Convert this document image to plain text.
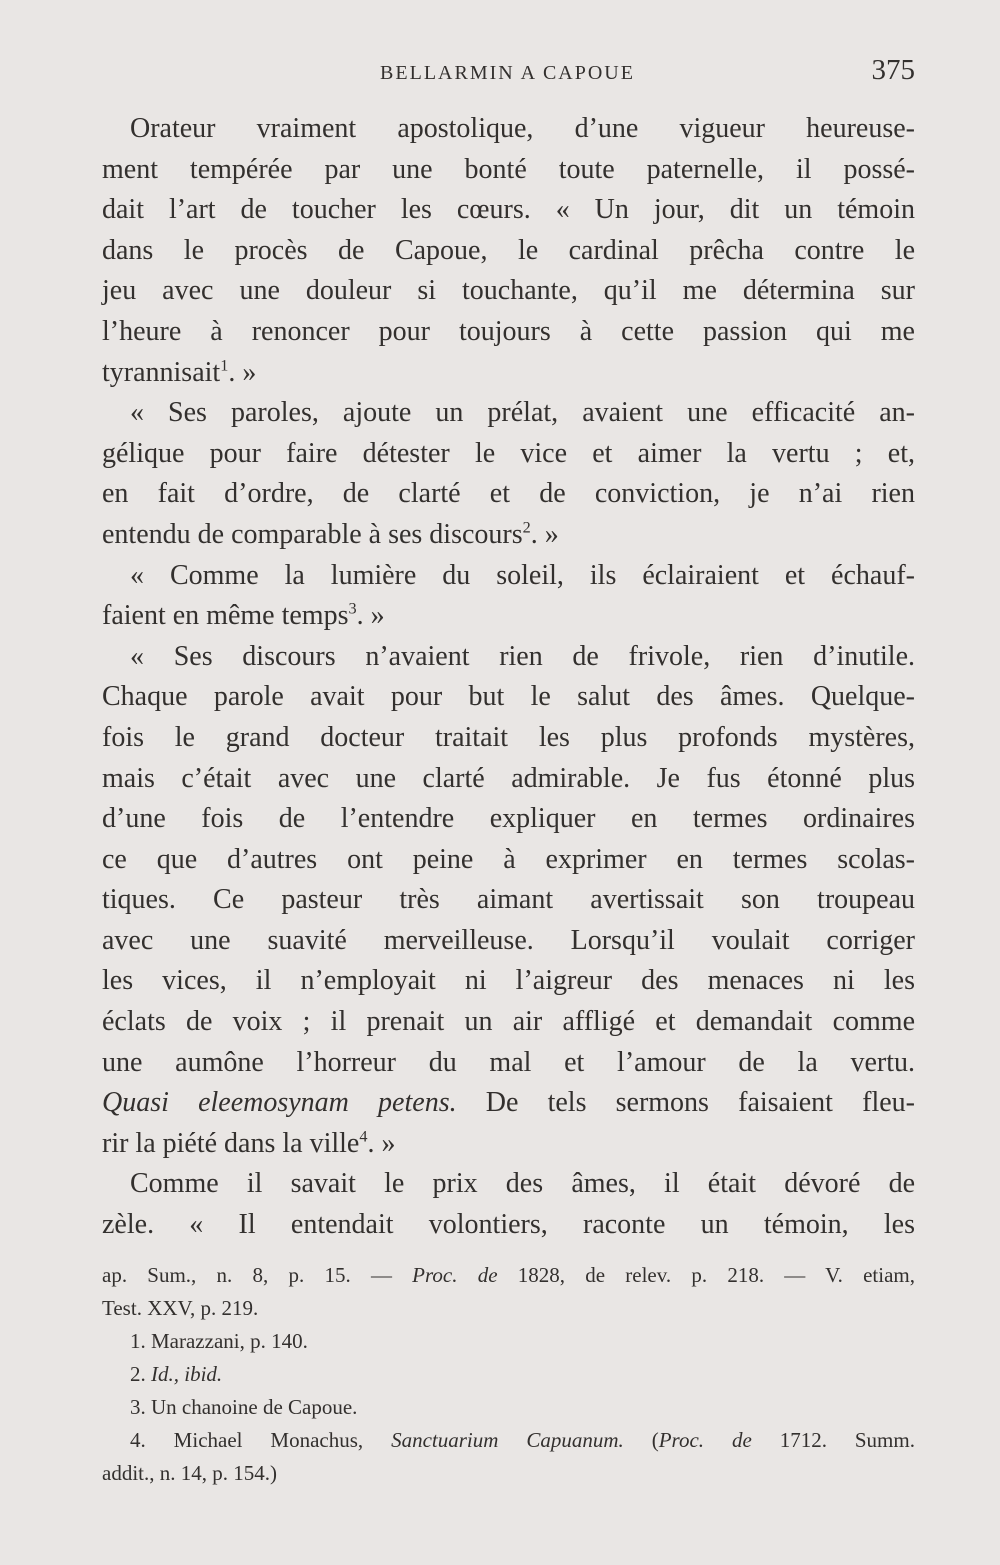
BELLARMIN A CAPOUE	375
Orateur vraiment apostolique, d’une vigueur heureuse-
ment tempérée par une bonté toute paternelle, il possé-
dait l’art de toucher les cœurs. « Un jour, dit un témoin
dans le procès de Capoue, le cardinal prêcha contre le
jeu avec une douleur si touchante, qu’il me détermina sur
l’heure à renoncer pour toujours à cette passion qui me
tyrannisait$^1$. »
« Ses paroles, ajoute un prélat, avaient une efficacité an-
gélique pour faire détester le vice et aimer la vertu ; et,
en fait d’ordre, de clarté et de conviction, je n’ai rien
entendu de comparable à ses discours$^2$. »
« Comme la lumière du soleil, ils éclairaient et échauf-
faient en même temps$^3$. »
« Ses discours n’avaient rien de frivole, rien d’inutile.
Chaque parole avait pour but le salut des âmes. Quelque-
fois le grand docteur traitait les plus profonds mystères,
mais c’était avec une clarté admirable. Je fus étonné plus
d’une fois de l’entendre expliquer en termes ordinaires
ce que d’autres ont peine à exprimer en termes scolas-
tiques. Ce pasteur très aimant avertissait son troupeau
avec une suavité merveilleuse. Lorsqu’il voulait corriger
les vices, il n’employait ni l’aigreur des menaces ni les
éclats de voix ; il prenait un air affligé et demandait comme
une aumône l’horreur du mal et l’amour de la vertu.
Quasi eleemosynam petens. De tels sermons faisaient fleu-
rir la piété dans la ville$^4$. »
Comme il savait le prix des âmes, il était dévoré de
zèle. « Il entendait volontiers, raconte un témoin, les
ap. Sum., n. 8, p. 15. — Proc. de 1828, de relev. p. 218. — V. etiam,
Test. XXV, p. 219.
1. Marazzani, p. 140.
2. Id., ibid.
3. Un chanoine de Capoue.
4. Michael Monachus, Sanctuarium Capuanum. (Proc. de 1712. Summ.
addit., n. 14, p. 154.)
